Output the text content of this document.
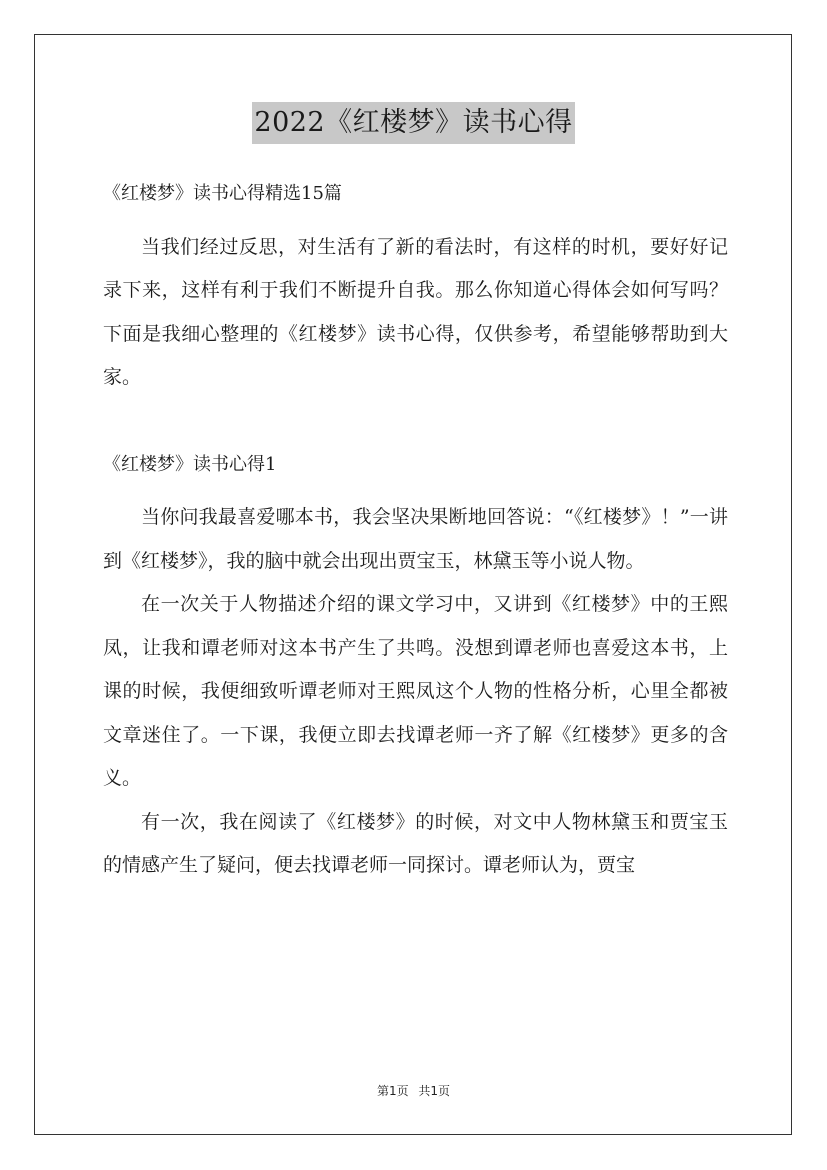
2022《红楼梦》读书心得

《红楼梦》读书心得精选15篇

当我们经过反思，对生活有了新的看法时，有这样的时机，要好好记录下来，这样有利于我们不断提升自我。那么你知道心得体会如何写吗？下面是我细心整理的《红楼梦》读书心得，仅供参考，希望能够帮助到大家。

《红楼梦》读书心得1

当你问我最喜爱哪本书，我会坚决果断地回答说：“《红楼梦》！”一讲到《红楼梦》，我的脑中就会出现出贾宝玉，林黛玉等小说人物。

在一次关于人物描述介绍的课文学习中，又讲到《红楼梦》中的王熙凤，让我和谭老师对这本书产生了共鸣。没想到谭老师也喜爱这本书，上课的时候，我便细致听谭老师对王熙凤这个人物的性格分析，心里全都被文章迷住了。一下课，我便立即去找谭老师一齐了解《红楼梦》更多的含义。

有一次，我在阅读了《红楼梦》的时候，对文中人物林黛玉和贾宝玉的情感产生了疑问，便去找谭老师一同探讨。谭老师认为，贾宝

第1页 共1页
